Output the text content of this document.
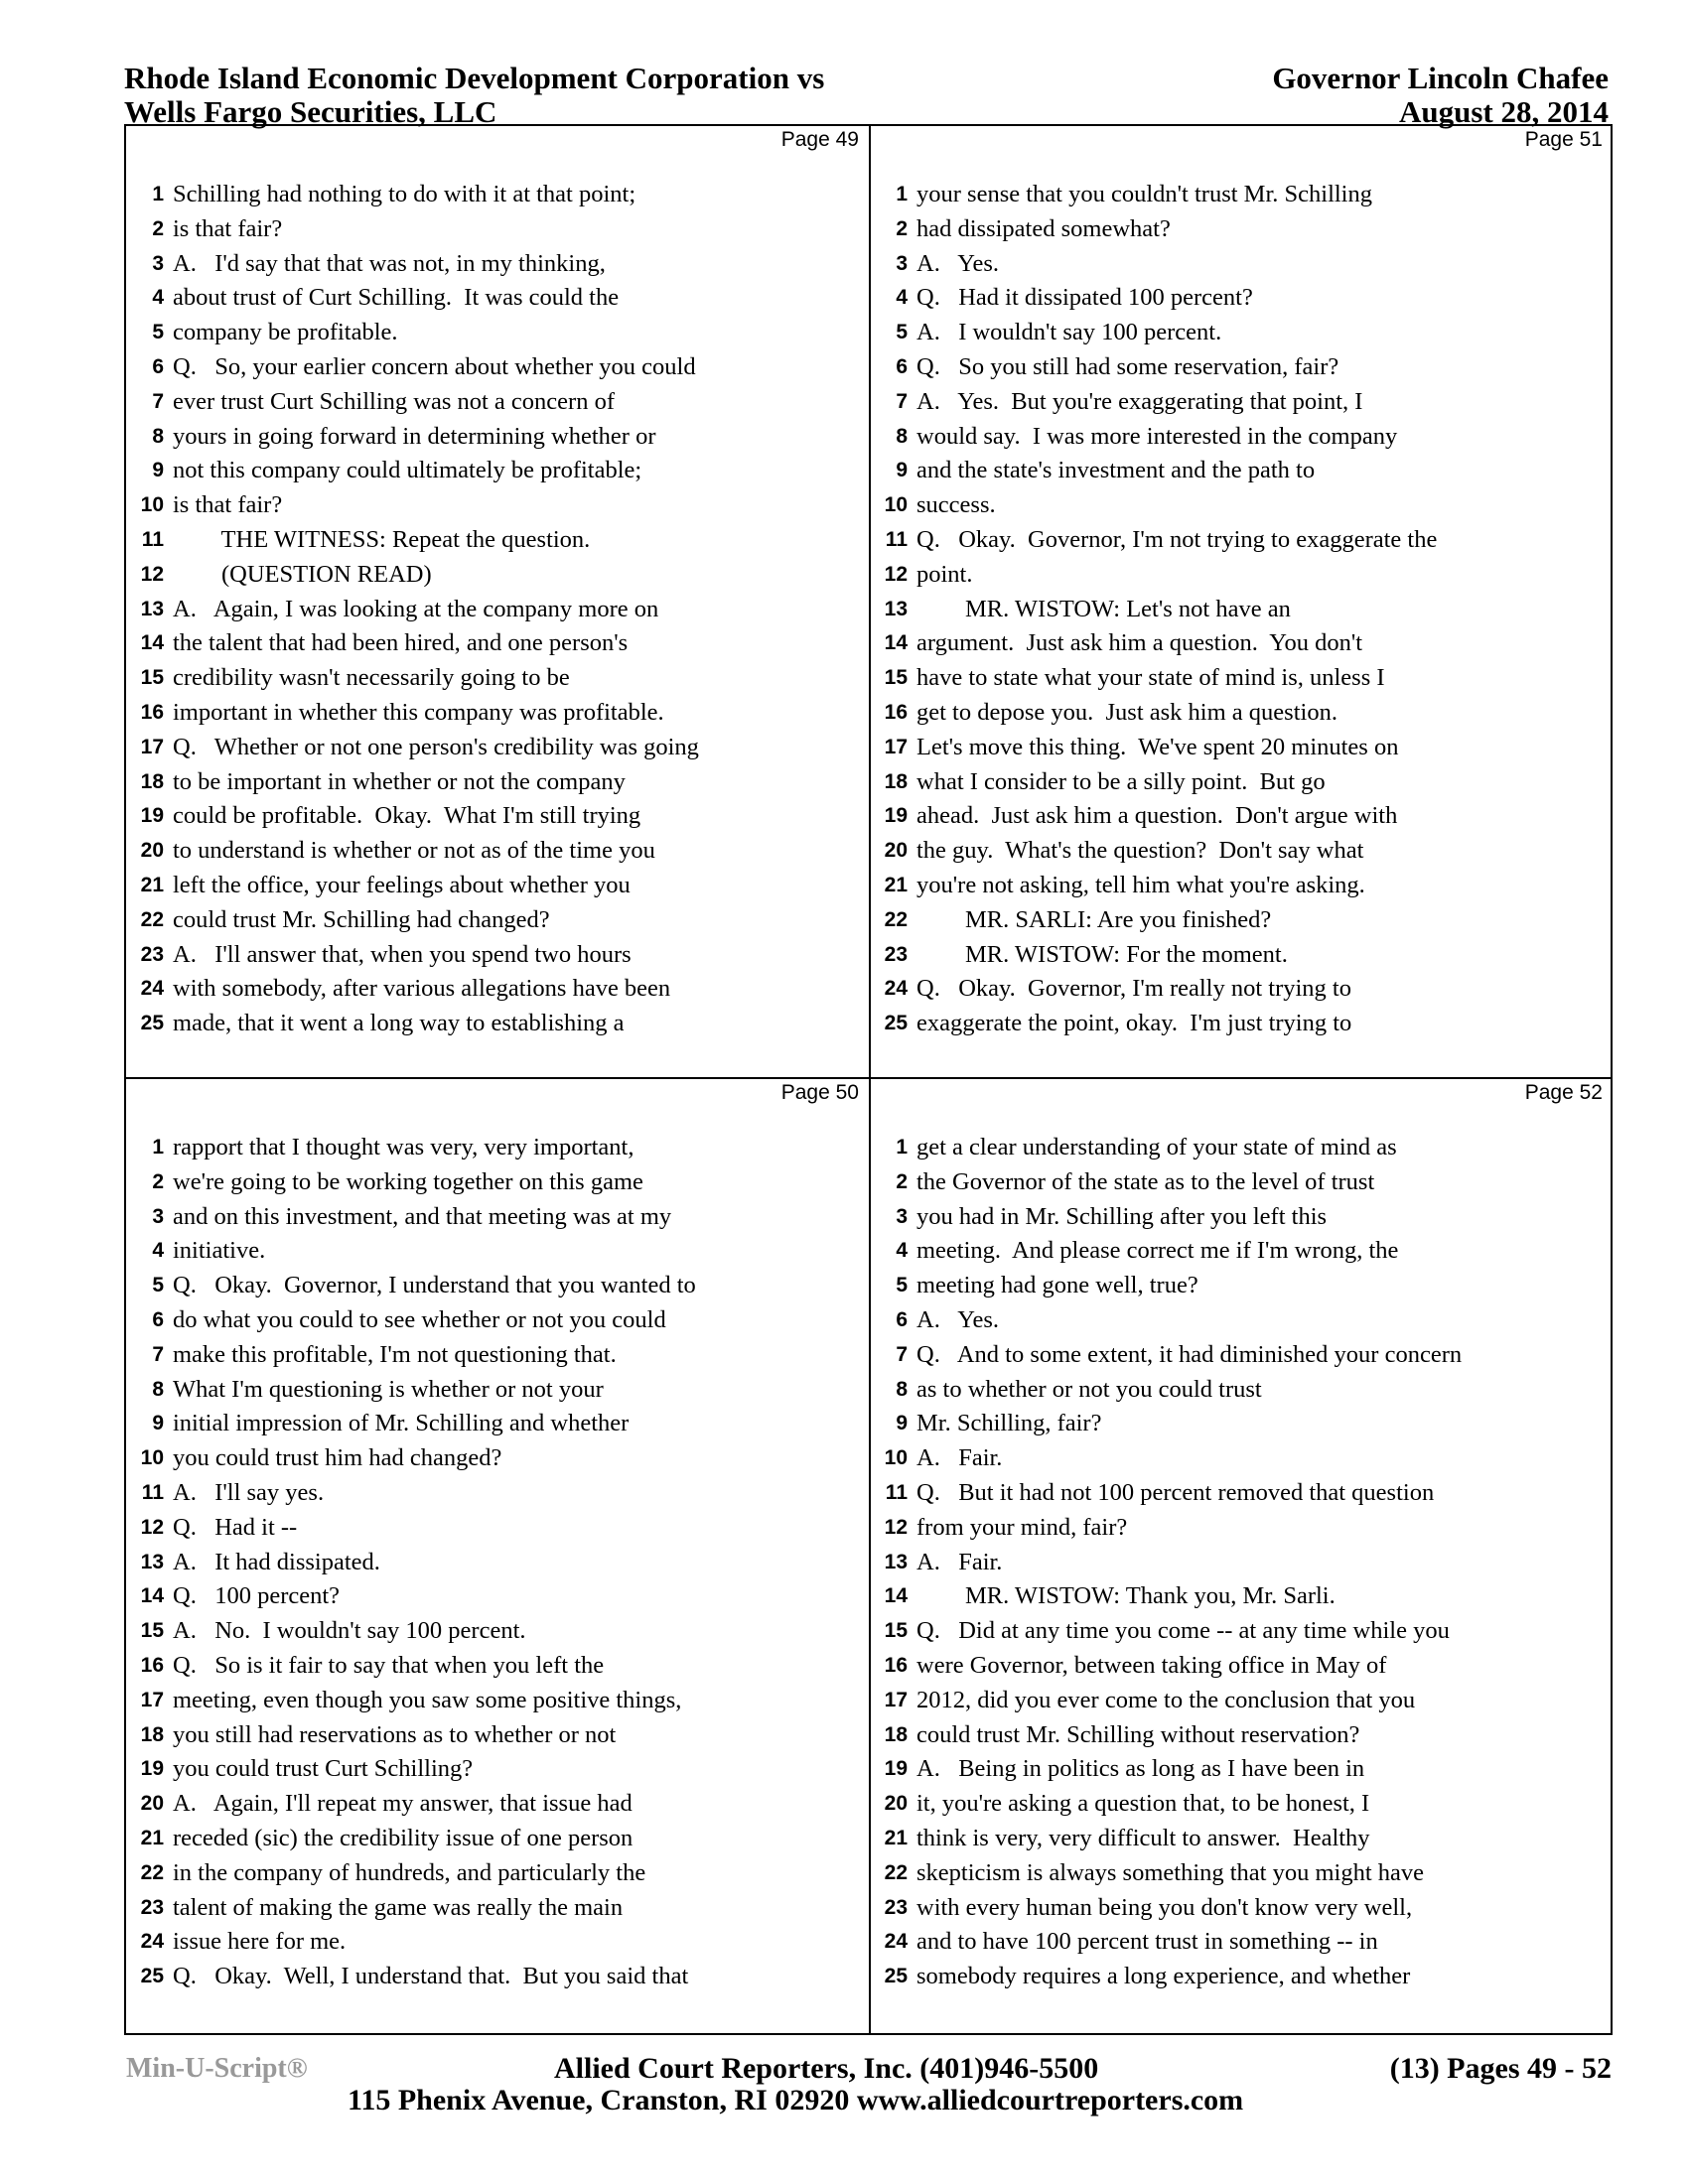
Rhode Island Economic Development Corporation vs
Wells Fargo Securities, LLC
Governor Lincoln Chafee
August 28, 2014
Page 49
1 Schilling had nothing to do with it at that point;
2 is that fair?
3 A.   I'd say that that was not, in my thinking,
4 about trust of Curt Schilling.  It was could the
5 company be profitable.
6 Q.   So, your earlier concern about whether you could
7 ever trust Curt Schilling was not a concern of
8 yours in going forward in determining whether or
9 not this company could ultimately be profitable;
10 is that fair?
11 THE WITNESS: Repeat the question.
12 (QUESTION READ)
13 A.   Again, I was looking at the company more on
14 the talent that had been hired, and one person's
15 credibility wasn't necessarily going to be
16 important in whether this company was profitable.
17 Q.   Whether or not one person's credibility was going
18 to be important in whether or not the company
19 could be profitable.  Okay.  What I'm still trying
20 to understand is whether or not as of the time you
21 left the office, your feelings about whether you
22 could trust Mr. Schilling had changed?
23 A.   I'll answer that, when you spend two hours
24 with somebody, after various allegations have been
25 made, that it went a long way to establishing a
Page 51
1 your sense that you couldn't trust Mr. Schilling
2 had dissipated somewhat?
3 A.   Yes.
4 Q.   Had it dissipated 100 percent?
5 A.   I wouldn't say 100 percent.
6 Q.   So you still had some reservation, fair?
7 A.   Yes.  But you're exaggerating that point, I
8 would say.  I was more interested in the company
9 and the state's investment and the path to
10 success.
11 Q.   Okay.  Governor, I'm not trying to exaggerate the
12 point.
13 MR. WISTOW: Let's not have an
14 argument.  Just ask him a question.  You don't
15 have to state what your state of mind is, unless I
16 get to depose you.  Just ask him a question.
17 Let's move this thing.  We've spent 20 minutes on
18 what I consider to be a silly point.  But go
19 ahead.  Just ask him a question.  Don't argue with
20 the guy.  What's the question?  Don't say what
21 you're not asking, tell him what you're asking.
22 MR. SARLI: Are you finished?
23 MR. WISTOW: For the moment.
24 Q.   Okay.  Governor, I'm really not trying to
25 exaggerate the point, okay.  I'm just trying to
Page 50
1 rapport that I thought was very, very important,
2 we're going to be working together on this game
3 and on this investment, and that meeting was at my
4 initiative.
5 Q.   Okay.  Governor, I understand that you wanted to
6 do what you could to see whether or not you could
7 make this profitable, I'm not questioning that.
8 What I'm questioning is whether or not your
9 initial impression of Mr. Schilling and whether
10 you could trust him had changed?
11 A.   I'll say yes.
12 Q.   Had it --
13 A.   It had dissipated.
14 Q.   100 percent?
15 A.   No.  I wouldn't say 100 percent.
16 Q.   So is it fair to say that when you left the
17 meeting, even though you saw some positive things,
18 you still had reservations as to whether or not
19 you could trust Curt Schilling?
20 A.   Again, I'll repeat my answer, that issue had
21 receded (sic) the credibility issue of one person
22 in the company of hundreds, and particularly the
23 talent of making the game was really the main
24 issue here for me.
25 Q.   Okay.  Well, I understand that.  But you said that
Page 52
1 get a clear understanding of your state of mind as
2 the Governor of the state as to the level of trust
3 you had in Mr. Schilling after you left this
4 meeting.  And please correct me if I'm wrong, the
5 meeting had gone well, true?
6 A.   Yes.
7 Q.   And to some extent, it had diminished your concern
8 as to whether or not you could trust
9 Mr. Schilling, fair?
10 A.   Fair.
11 Q.   But it had not 100 percent removed that question
12 from your mind, fair?
13 A.   Fair.
14 MR. WISTOW: Thank you, Mr. Sarli.
15 Q.   Did at any time you come -- at any time while you
16 were Governor, between taking office in May of
17 2012, did you ever come to the conclusion that you
18 could trust Mr. Schilling without reservation?
19 A.   Being in politics as long as I have been in
20 it, you're asking a question that, to be honest, I
21 think is very, very difficult to answer.  Healthy
22 skepticism is always something that you might have
23 with every human being you don't know very well,
24 and to have 100 percent trust in something -- in
25 somebody requires a long experience, and whether
Min-U-Script®	Allied Court Reporters, Inc. (401)946-5500	(13) Pages 49 - 52
115 Phenix Avenue, Cranston, RI 02920 www.alliedcourtreporters.com
